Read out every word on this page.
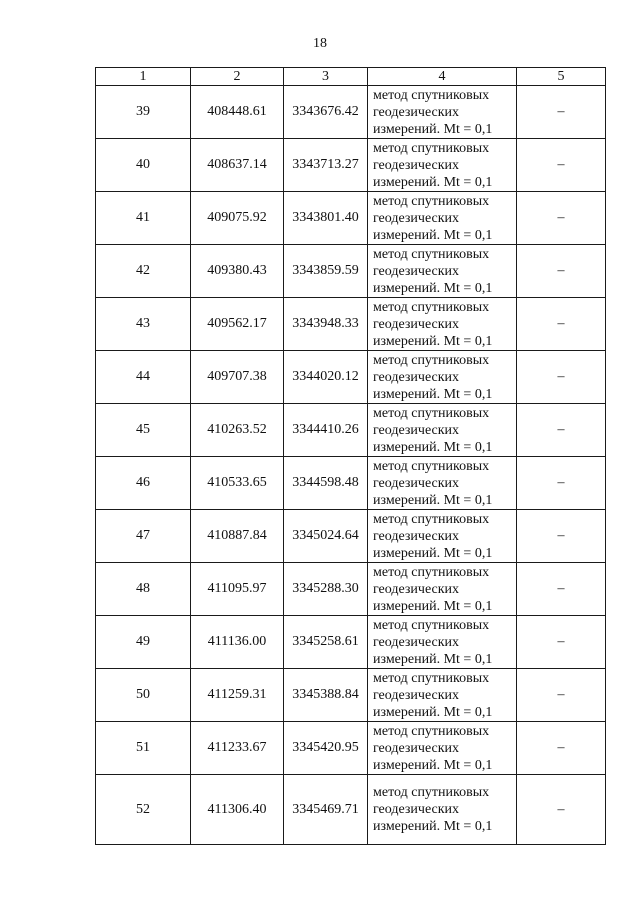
18
1	2	3	4	5
39	408448.61	3343676.42	метод спутниковых
геодезических
измерений. Mt = 0,1	–
40	408637.14	3343713.27	метод спутниковых
геодезических
измерений. Mt = 0,1	–
41	409075.92	3343801.40	метод спутниковых
геодезических
измерений. Mt = 0,1	–
42	409380.43	3343859.59	метод спутниковых
геодезических
измерений. Mt = 0,1	–
43	409562.17	3343948.33	метод спутниковых
геодезических
измерений. Mt = 0,1	–
44	409707.38	3344020.12	метод спутниковых
геодезических
измерений. Mt = 0,1	–
45	410263.52	3344410.26	метод спутниковых
геодезических
измерений. Mt = 0,1	–
46	410533.65	3344598.48	метод спутниковых
геодезических
измерений. Mt = 0,1	–
47	410887.84	3345024.64	метод спутниковых
геодезических
измерений. Mt = 0,1	–
48	411095.97	3345288.30	метод спутниковых
геодезических
измерений. Mt = 0,1	–
49	411136.00	3345258.61	метод спутниковых
геодезических
измерений. Mt = 0,1	–
50	411259.31	3345388.84	метод спутниковых
геодезических
измерений. Mt = 0,1	–
51	411233.67	3345420.95	метод спутниковых
геодезических
измерений. Mt = 0,1	–
52	411306.40	3345469.71	метод спутниковых
геодезических
измерений. Mt = 0,1	–
